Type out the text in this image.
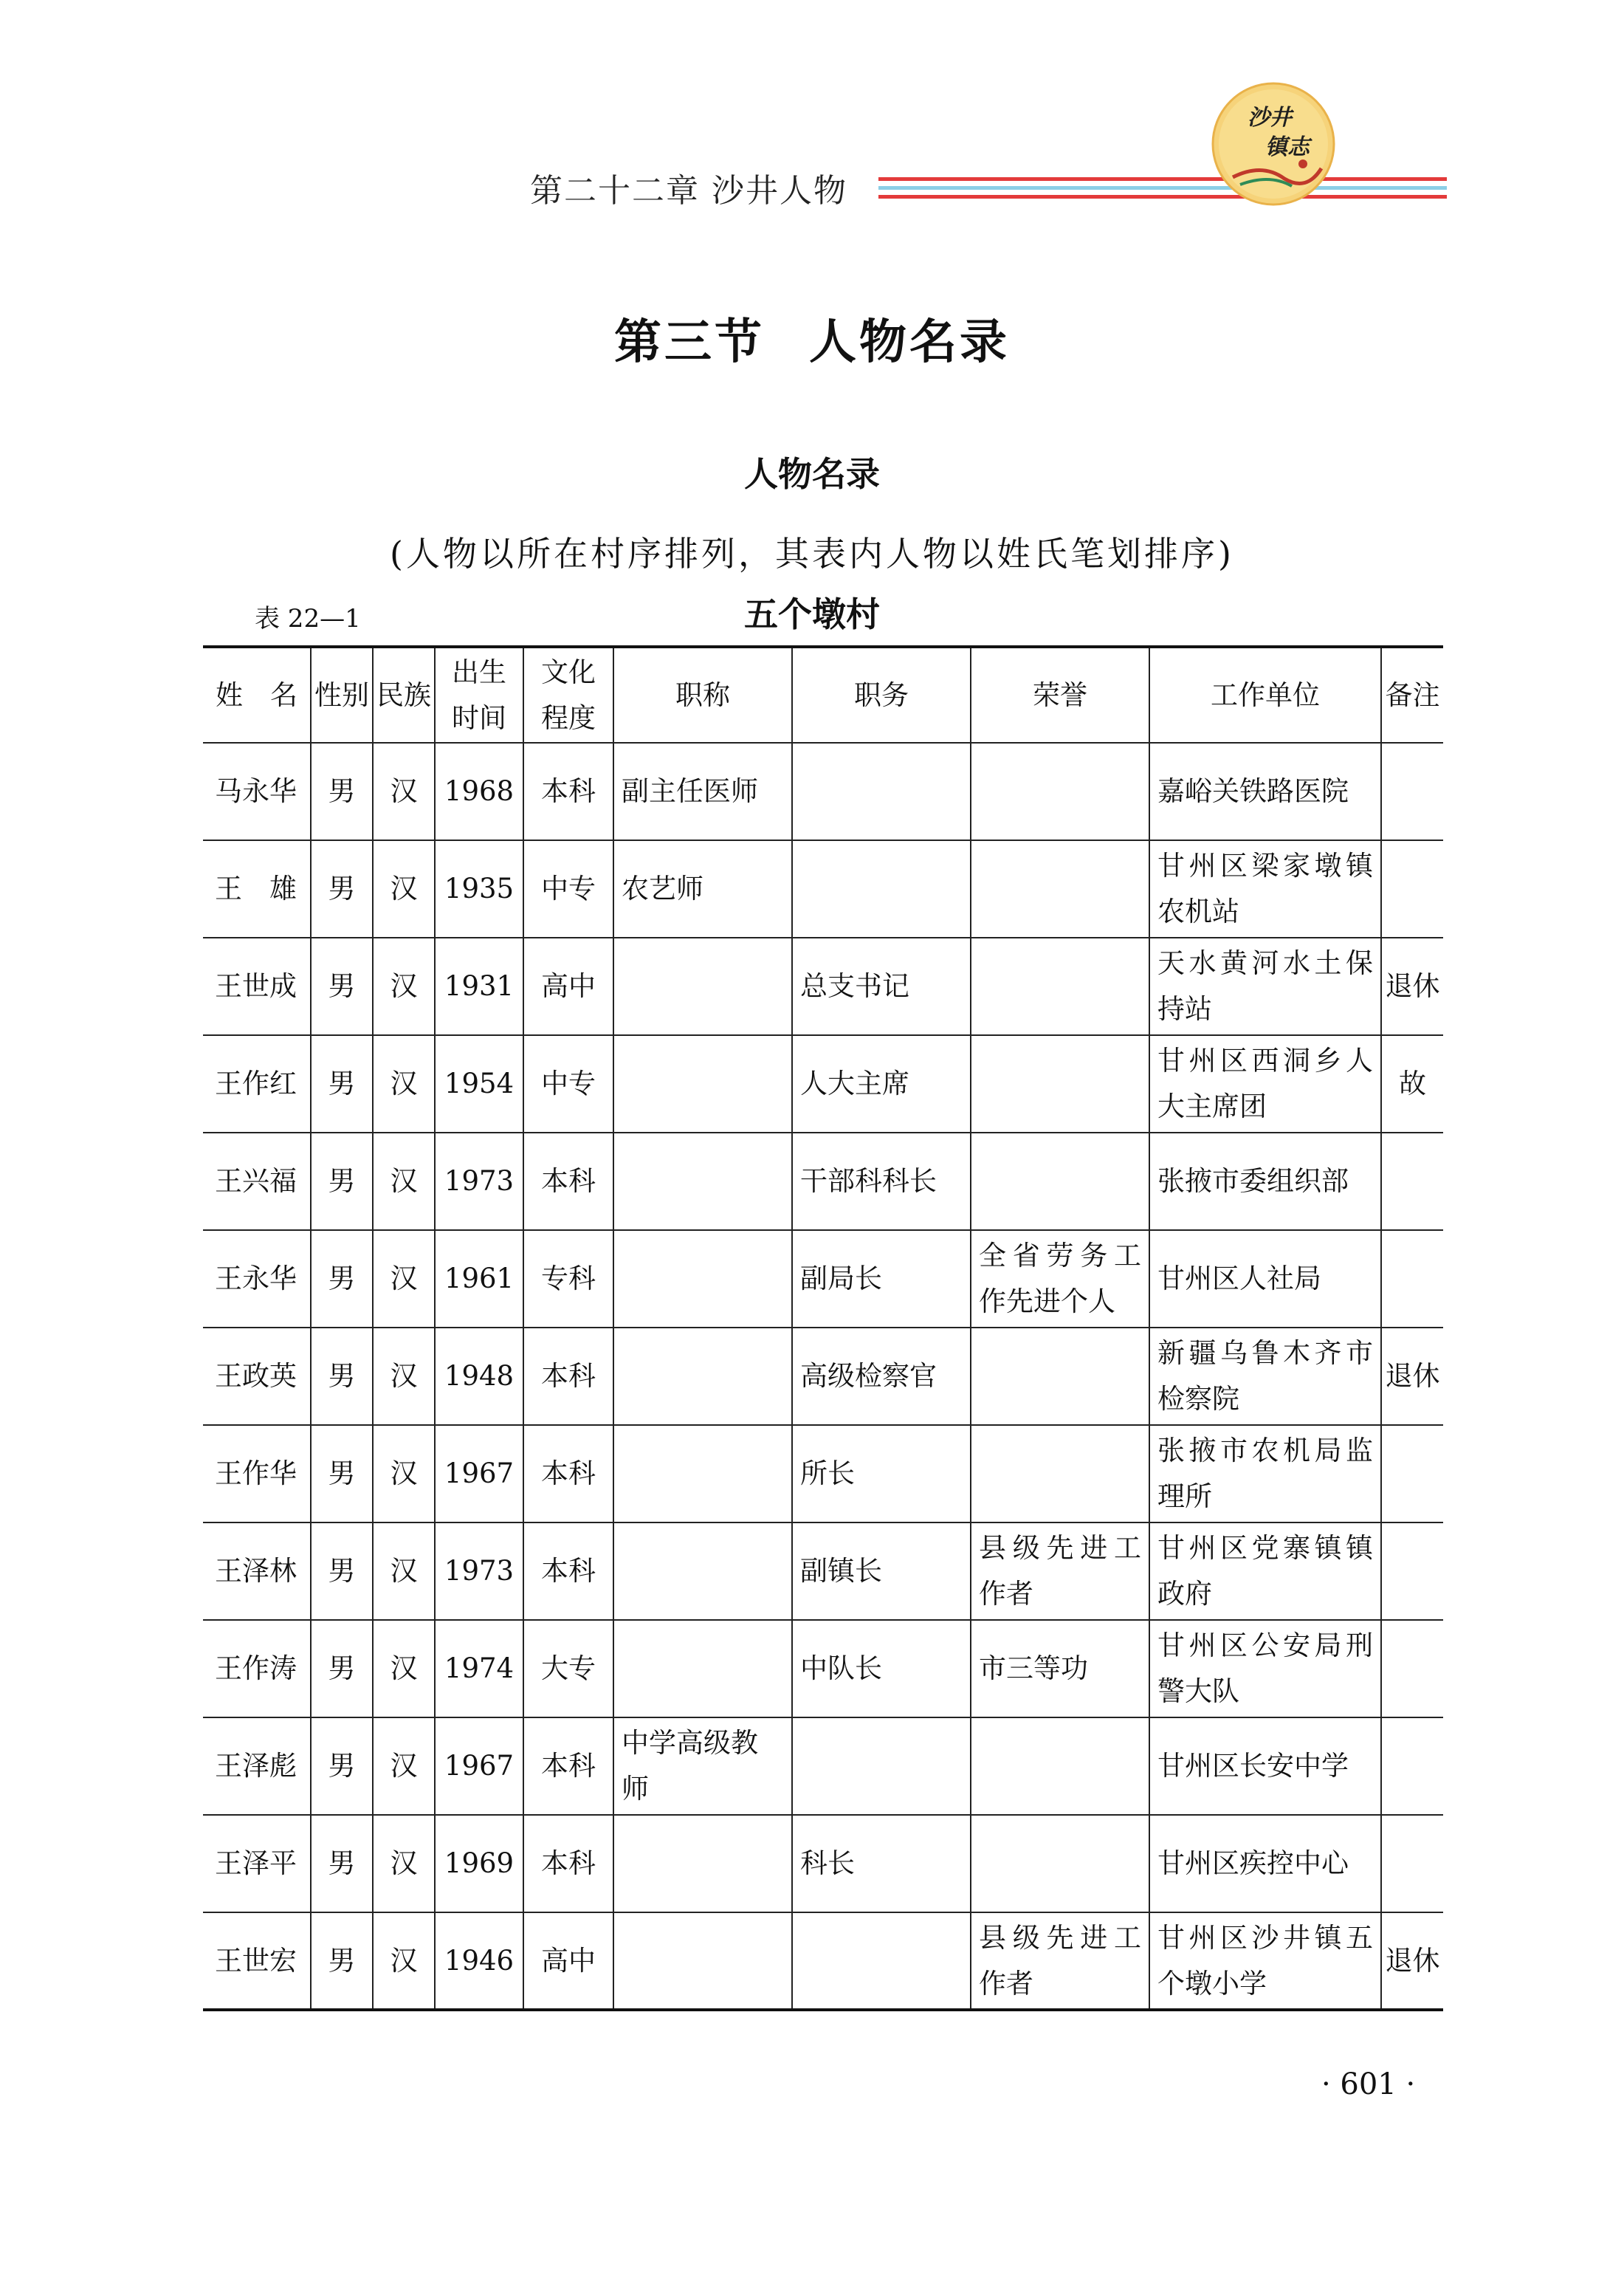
第二十二章 沙井人物
沙井
镇志
第三节 人物名录
人物名录
(人物以所在村序排列，其表内人物以姓氏笔划排序)
表 22—1	五个墩村
姓　名	性别	民族	出生时间	文化程度	职称	职务	荣誉	工作单位	备注
马永华	男	汉	1968	本科	副主任医师			嘉峪关铁路医院	
王　雄	男	汉	1935	中专	农艺师			甘州区梁家墩镇农机站	
王世成	男	汉	1931	高中		总支书记		天水黄河水土保持站	退休
王作红	男	汉	1954	中专		人大主席		甘州区西洞乡人大主席团	故
王兴福	男	汉	1973	本科		干部科科长		张掖市委组织部	
王永华	男	汉	1961	专科		副局长	全省劳务工作先进个人	甘州区人社局	
王政英	男	汉	1948	本科		高级检察官		新疆乌鲁木齐市检察院	退休
王作华	男	汉	1967	本科		所长		张掖市农机局监理所	
王泽林	男	汉	1973	本科		副镇长	县级先进工作者	甘州区党寨镇镇政府	
王作涛	男	汉	1974	大专		中队长	市三等功	甘州区公安局刑警大队	
王泽彪	男	汉	1967	本科	中学高级教师			甘州区长安中学	
王泽平	男	汉	1969	本科		科长		甘州区疾控中心	
王世宏	男	汉	1946	高中			县级先进工作者	甘州区沙井镇五个墩小学	退休
· 601 ·
